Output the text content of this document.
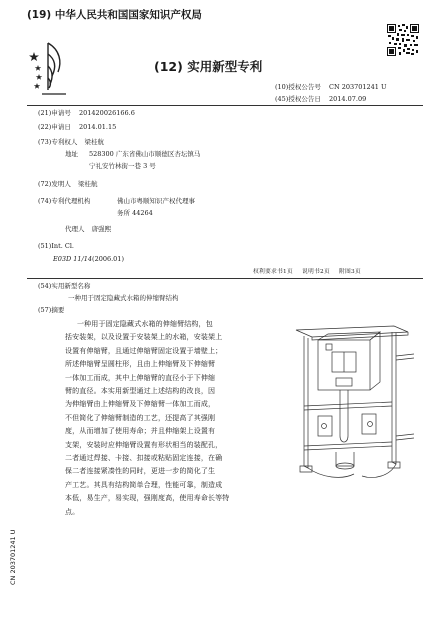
(19) 中华人民共和国国家知识产权局
(12) 实用新型专利
(10)授权公告号 CN 203701241 U
(45)授权公告日 2014.07.09
(21)申请号 201420026166.6
(22)申请日 2014.01.15
(73)专利权人 梁桂航
地址 528300 广东省佛山市顺德区杏坛镇马
宁礼安竹林街一巷 3 号
(72)发明人 梁桂航
(74)专利代理机构	佛山市粤顺知识产权代理事
务所 44264
代理人 唐强熙
(51)Int. Cl.
E03D 11/14(2006.01)
权利要求书1页 说明书2页 附图3页
(54)实用新型名称
一种用于固定隐藏式水箱的伸缩臂结构
(57)摘要

一种用于固定隐藏式水箱的伸缩臂结构，包

括安装架，以及设置于安装架上的水箱，安装架上

设置有伸缩臂，且通过伸缩臂固定设置于墙壁上；

所述伸缩臂呈圆柱形，且由上伸缩臂及下伸缩臂

一体加工而成，其中上伸缩臂的直径小于下伸缩

臂的直径。本实用新型通过上述结构的改良，因

为伸缩臂由上伸缩臂及下伸缩臂一体加工而成，

不但简化了伸缩臂制造的工艺，还提高了其强刚

度，从而增加了使用寿命；并且伸缩架上设置有

支架，安装时应伸缩臂设置有形状相当的装配孔，

二者通过焊接、卡接、扣接或粘贴固定连接，在确

保二者连接紧凑性的同时，更进一步的简化了生

产工艺。其具有结构简单合理，性能可靠，制造成

本低，易生产，易实现，强刚度高，使用寿命长等特

点。

CN 203701241 U
